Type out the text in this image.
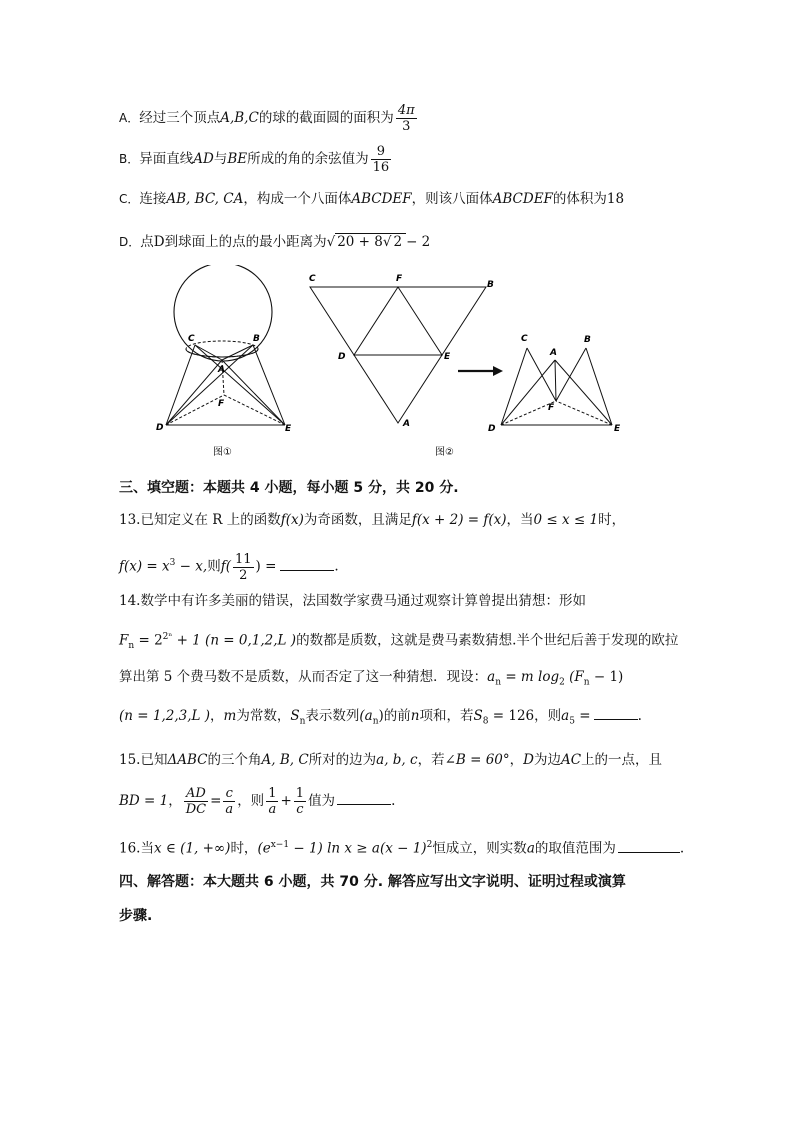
A．经过三个顶点A,B,C的球的截面圆的面积为 $\frac{4\pi}{3}$
B．异面直线AD与BE所成的角的余弦值为 $\frac{9}{16}$
C．连接AB, BC, CA，构成一个八面体ABCDEF，则该八面体ABCDEF的体积为18
D．点D到球面上的点的最小距离为√ 20 + 8√ 2 − 2
C	B
A
F
D	E
图①
C	F
B
D	E
A
图②
C
A
B
F
D	E
三、填空题：本题共 4 小题，每小题 5 分，共 20 分.
13.已知定义在 R 上的函数f(x)为奇函数，且满足f(x + 2) = f(x)，当0 ≤ x ≤ 1时，
$f(x) = x^3 - x$,则$f( \frac{11}{2}$ ) =	.
14.数学中有许多美丽的错误，法国数学家费马通过观察计算曾提出猜想：形如
$F_n = 2^{2^n} + 1$ (n = 0,1,2,L )的数都是质数，这就是费马素数猜想.半个世纪后善于发现的欧拉
算出第 5 个费马数不是质数，从而否定了这一种猜想．现设：$a_n = m$ $\log_2 (F_n - 1)$
(n = 1,2,3,L )，m为常数，$S_n$表示数列$(a_n)$的前n项和，若$S_8 = 126$，则$a_5$ =	.
15.已知ΔABC的三个角A, B, C所对的边为a, b, c，若∠B = 60°，D为边AC上的一点，且
BD = 1， $\frac{AD}{DC} = \frac{c}{a}$ ，则 $\frac{1}{a} + \frac{1}{c}$ 值为	.
16.当x ∈ (1, +∞)时，$(e^{x-1} - 1)$ $\ln x \ge a(x - 1)^2$恒成立，则实数a的取值范围为	.
四、解答题：本大题共 6 小题，共 70 分. 解答应写出文字说明、证明过程或演算
步骤.
